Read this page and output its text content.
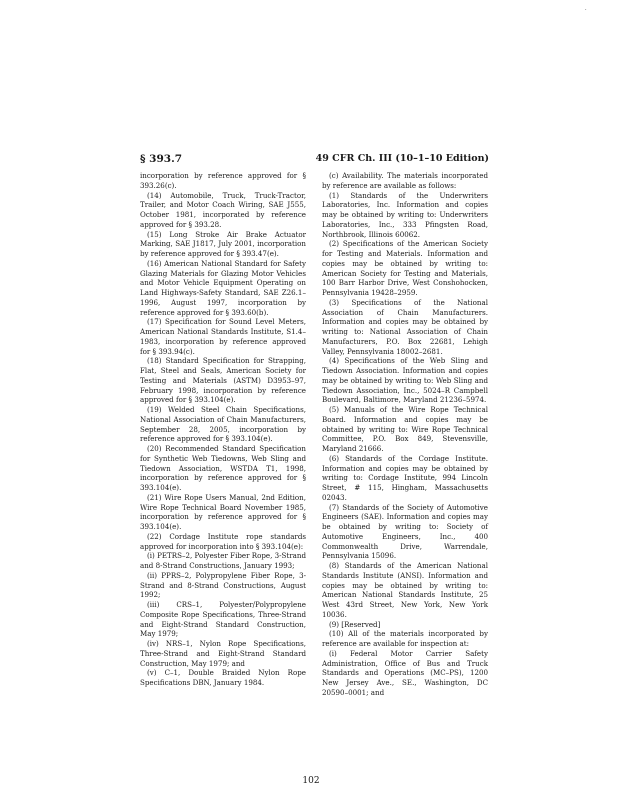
˙
§ 393.7	49 CFR Ch. III (10–1–10 Edition)

incorporation by reference approved for § 393.26(c).

(14) Automobile, Truck, Truck-Tractor, Trailer, and Motor Coach Wiring, SAE J555, October 1981, incorporated by reference approved for § 393.28.

(15) Long Stroke Air Brake Actuator Marking, SAE J1817, July 2001, incorporation by reference approved for § 393.47(e).

(16) American National Standard for Safety Glazing Materials for Glazing Motor Vehicles and Motor Vehicle Equipment Operating on Land Highways-Safety Standard, SAE Z26.1–1996, August 1997, incorporation by reference approved for § 393.60(b).

(17) Specification for Sound Level Meters, American National Standards Institute, S1.4–1983, incorporation by reference approved for § 393.94(c).

(18) Standard Specification for Strapping, Flat, Steel and Seals, American Society for Testing and Materials (ASTM) D3953–97, February 1998, incorporation by reference approved for § 393.104(e).

(19) Welded Steel Chain Specifications, National Association of Chain Manufacturers, September 28, 2005, incorporation by reference approved for § 393.104(e).

(20) Recommended Standard Specification for Synthetic Web Tiedowns, Web Sling and Tiedown Association, WSTDA T1, 1998, incorporation by reference approved for § 393.104(e).

(21) Wire Rope Users Manual, 2nd Edition, Wire Rope Technical Board November 1985, incorporation by reference approved for § 393.104(e).

(22) Cordage Institute rope standards approved for incorporation into § 393.104(e):

(i) PETRS–2, Polyester Fiber Rope, 3-Strand and 8-Strand Constructions, January 1993;

(ii) PPRS–2, Polypropylene Fiber Rope, 3-Strand and 8-Strand Constructions, August 1992;

(iii) CRS–1, Polyester/Polypropylene Composite Rope Specifications, Three-Strand and Eight-Strand Standard Construction, May 1979;

(iv) NRS–1, Nylon Rope Specifications, Three-Strand and Eight-Strand Standard Construction, May 1979; and

(v) C–1, Double Braided Nylon Rope Specifications DBN, January 1984.

(c) Availability. The materials incorporated by reference are available as follows:

(1) Standards of the Underwriters Laboratories, Inc. Information and copies may be obtained by writing to: Underwriters Laboratories, Inc., 333 Pfingsten Road, Northbrook, Illinois 60062.

(2) Specifications of the American Society for Testing and Materials. Information and copies may be obtained by writing to: American Society for Testing and Materials, 100 Barr Harbor Drive, West Conshohocken, Pennsylvania 19428–2959.

(3) Specifications of the National Association of Chain Manufacturers. Information and copies may be obtained by writing to: National Association of Chain Manufacturers, P.O. Box 22681, Lehigh Valley, Pennsylvania 18002–2681.

(4) Specifications of the Web Sling and Tiedown Association. Information and copies may be obtained by writing to: Web Sling and Tiedown Association, Inc., 5024–R Campbell Boulevard, Baltimore, Maryland 21236–5974.

(5) Manuals of the Wire Rope Technical Board. Information and copies may be obtained by writing to: Wire Rope Technical Committee, P.O. Box 849, Stevensville, Maryland 21666.

(6) Standards of the Cordage Institute. Information and copies may be obtained by writing to: Cordage Institute, 994 Lincoln Street, # 115, Hingham, Massachusetts 02043.

(7) Standards of the Society of Automotive Engineers (SAE). Information and copies may be obtained by writing to: Society of Automotive Engineers, Inc., 400 Commonwealth Drive, Warrendale, Pennsylvania 15096.

(8) Standards of the American National Standards Institute (ANSI). Information and copies may be obtained by writing to: American National Standards Institute, 25 West 43rd Street, New York, New York 10036.

(9) [Reserved]

(10) All of the materials incorporated by reference are available for inspection at:

(i) Federal Motor Carrier Safety Administration, Office of Bus and Truck Standards and Operations (MC–PS), 1200 New Jersey Ave., SE., Washington, DC 20590–0001; and

102
